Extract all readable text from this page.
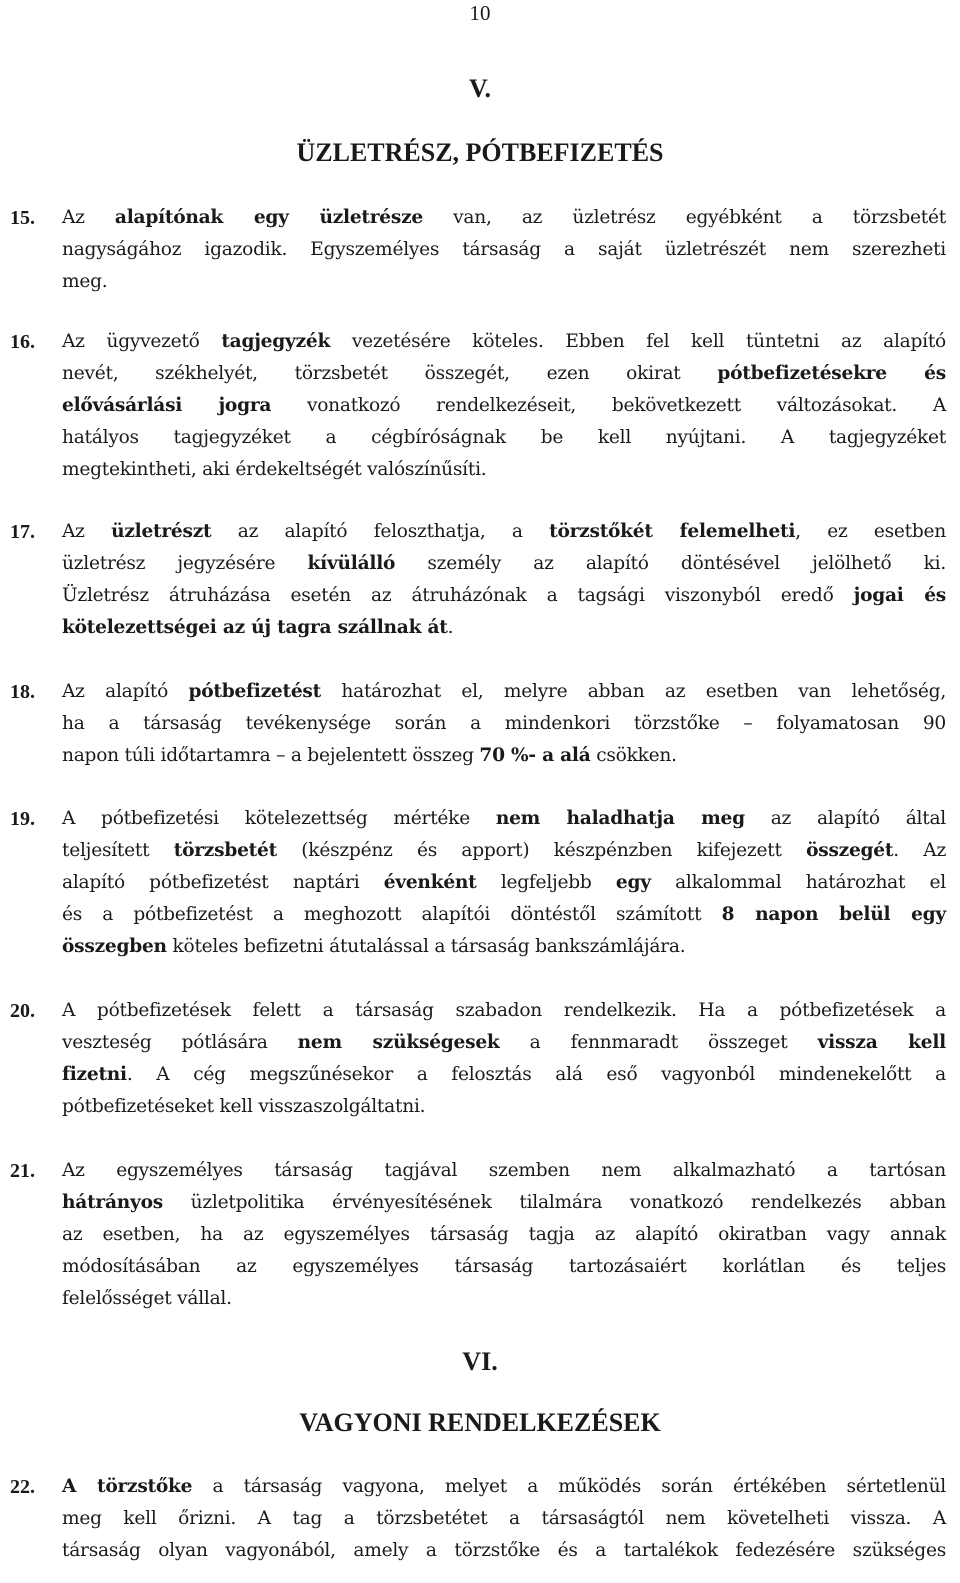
10
V.
ÜZLETRÉSZ, PÓTBEFIZETÉS
15. Az alapítónak egy üzletrésze van, az üzletrész egyébként a törzsbetét
nagyságához igazodik. Egyszemélyes társaság a saját üzletrészét nem szerezheti
meg.
16. Az ügyvezető tagjegyzék vezetésére köteles. Ebben fel kell tüntetni az alapító
nevét, székhelyét, törzsbetét összegét, ezen okirat pótbefizetésekre és
elővásárlási jogra vonatkozó rendelkezéseit, bekövetkezett változásokat. A
hatályos tagjegyzéket a cégbíróságnak be kell nyújtani. A tagjegyzéket
megtekintheti, aki érdekeltségét valószínűsíti.
17. Az üzletrészt az alapító feloszthatja, a törzstőkét felemelheti, ez esetben
üzletrész jegyzésére kívülálló személy az alapító döntésével jelölhető ki.
Üzletrész átruházása esetén az átruházónak a tagsági viszonyból eredő jogai és
kötelezettségei az új tagra szállnak át.
18. Az alapító pótbefizetést határozhat el, melyre abban az esetben van lehetőség,
ha a társaság tevékenysége során a mindenkori törzstőke – folyamatosan 90
napon túli időtartamra – a bejelentett összeg 70 %- a alá csökken.
19. A pótbefizetési kötelezettség mértéke nem haladhatja meg az alapító által
teljesített törzsbetét (készpénz és apport) készpénzben kifejezett összegét. Az
alapító pótbefizetést naptári évenként legfeljebb egy alkalommal határozhat el
és a pótbefizetést a meghozott alapítói döntéstől számított 8 napon belül egy
összegben köteles befizetni átutalással a társaság bankszámlájára.
20. A pótbefizetések felett a társaság szabadon rendelkezik. Ha a pótbefizetések a
veszteség pótlására nem szükségesek a fennmaradt összeget vissza kell
fizetni. A cég megszűnésekor a felosztás alá eső vagyonból mindenekelőtt a
pótbefizetéseket kell visszaszolgáltatni.
21. Az egyszemélyes társaság tagjával szemben nem alkalmazható a tartósan
hátrányos üzletpolitika érvényesítésének tilalmára vonatkozó rendelkezés abban
az esetben, ha az egyszemélyes társaság tagja az alapító okiratban vagy annak
módosításában az egyszemélyes társaság tartozásaiért korlátlan és teljes
felelősséget vállal.
VI.
VAGYONI RENDELKEZÉSEK
22. A törzstőke a társaság vagyona, melyet a működés során értékében sértetlenül
meg kell őrizni. A tag a törzsbetétet a társaságtól nem követelheti vissza. A
társaság olyan vagyonából, amely a törzstőke és a tartalékok fedezésére szükséges
